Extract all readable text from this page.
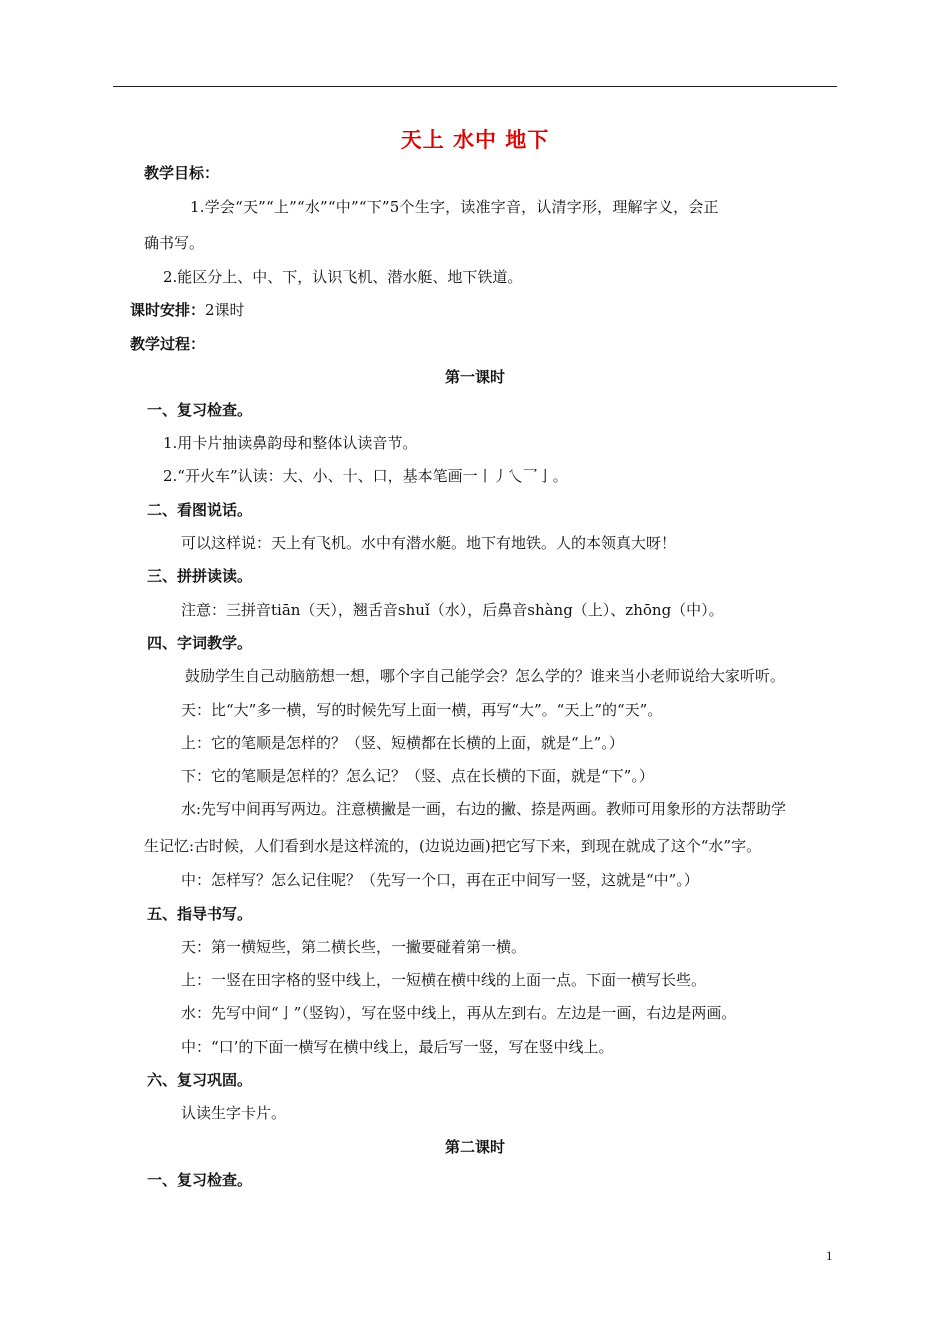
天上 水中 地下
教学目标：
1.学会“天”“上”“水”“中”“下”5个生字，读准字音，认清字形，理解字义，会正
确书写。
2.能区分上、中、下，认识飞机、潜水艇、地下铁道。
课时安排：2课时
教学过程：
第一课时
一、复习检查。
1.用卡片抽读鼻韵母和整体认读音节。
2.“开火车”认读：大、小、十、口，基本笔画一丨丿乀乛亅。
二、看图说话。
可以这样说：天上有飞机。水中有潜水艇。地下有地铁。人的本领真大呀！
三、拼拼读读。
注意：三拼音tiān（天），翘舌音shuǐ（水），后鼻音shàng（上）、zhōng（中）。
四、字词教学。
鼓励学生自己动脑筋想一想，哪个字自己能学会？怎么学的？谁来当小老师说给大家听听。
天：比“大”多一横，写的时候先写上面一横，再写“大”。“天上”的“天”。
上：它的笔顺是怎样的？（竖、短横都在长横的上面，就是“上”。）
下：它的笔顺是怎样的？怎么记？（竖、点在长横的下面，就是“下”。）
水:先写中间再写两边。注意横撇是一画，右边的撇、捺是两画。教师可用象形的方法帮助学
生记忆:古时候，人们看到水是这样流的，(边说边画)把它写下来，到现在就成了这个“水”字。
中：怎样写？怎么记住呢？（先写一个口，再在正中间写一竖，这就是“中”。）
五、指导书写。
天：第一横短些，第二横长些，一撇要碰着第一横。
上：一竖在田字格的竖中线上，一短横在横中线的上面一点。下面一横写长些。
水：先写中间“亅”（竖钩），写在竖中线上，再从左到右。左边是一画，右边是两画。
中：“口’的下面一横写在横中线上，最后写一竖，写在竖中线上。
六、复习巩固。
认读生字卡片。
第二课时
一、复习检查。
1
